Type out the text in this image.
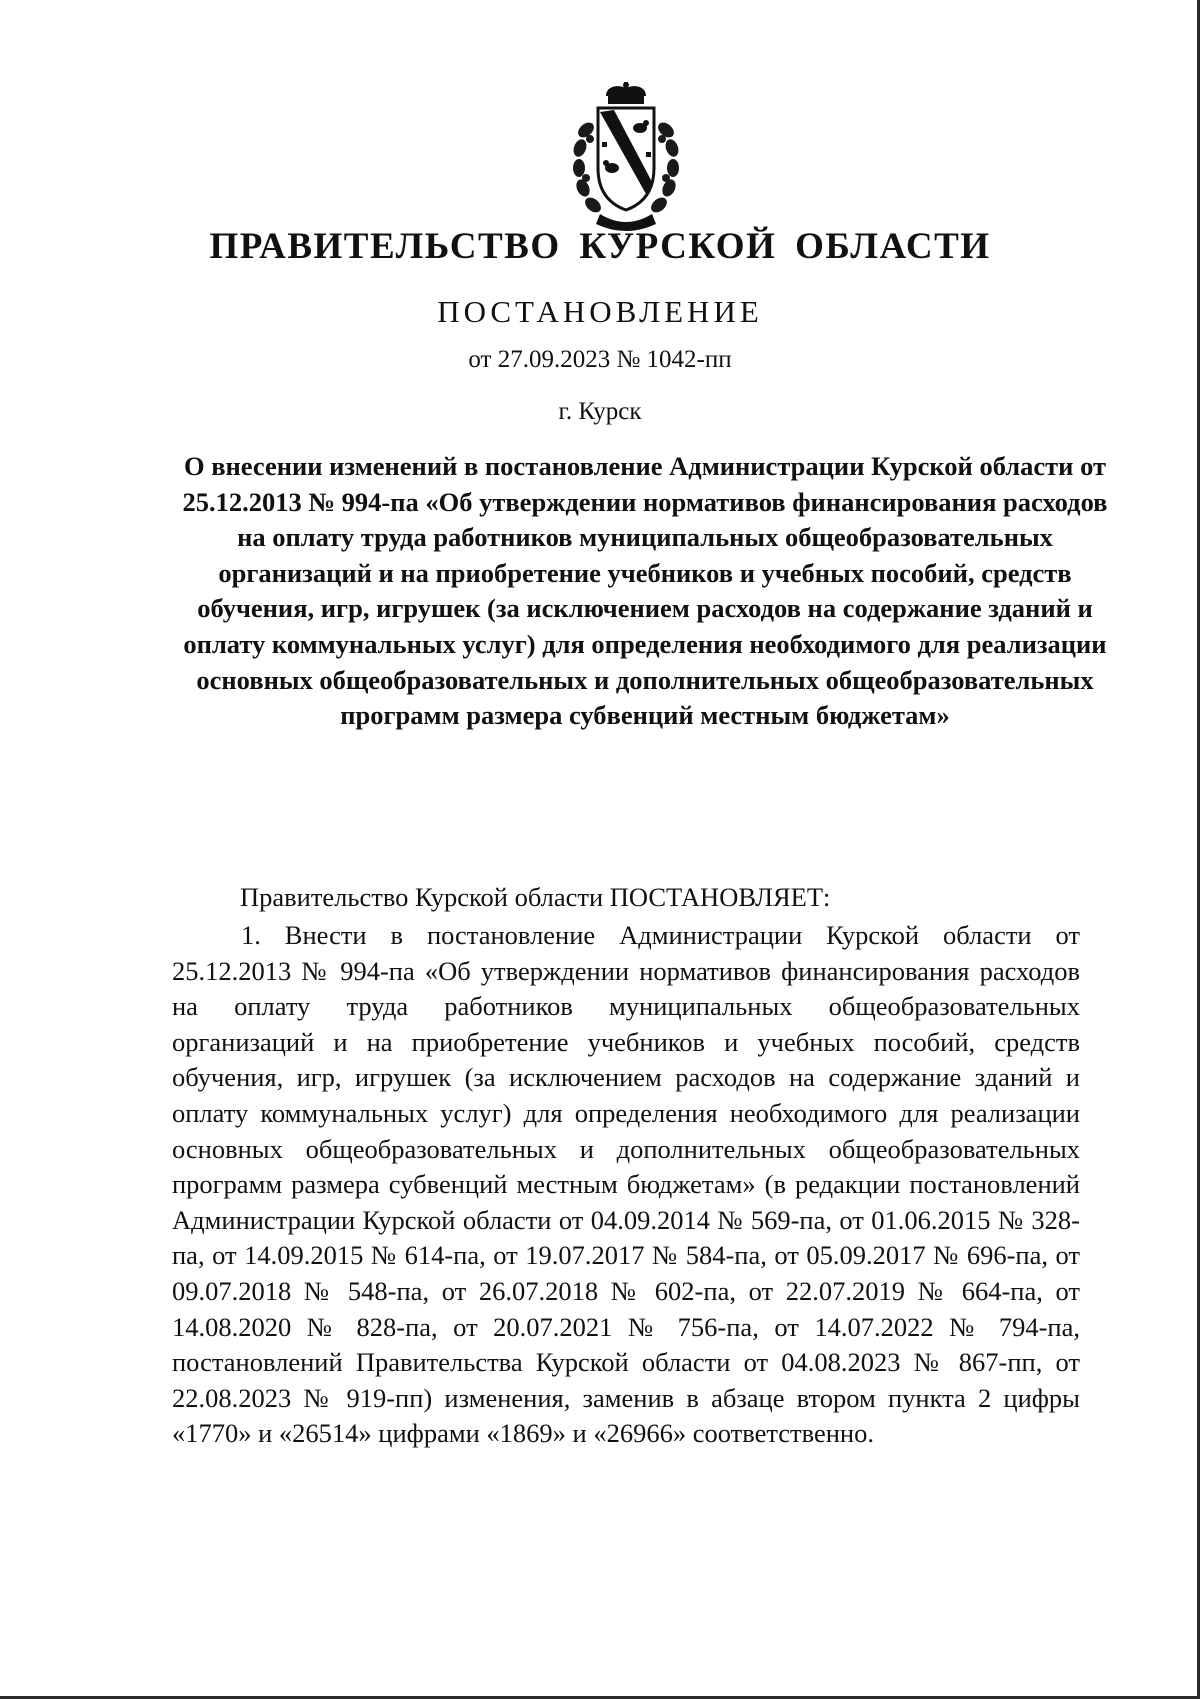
ПРАВИТЕЛЬСТВО КУРСКОЙ ОБЛАСТИ
ПОСТАНОВЛЕНИЕ
от 27.09.2023 № 1042-пп
г. Курск
О внесении изменений в постановление Администрации Курской области от 25.12.2013 № 994-па «Об утверждении нормативов финансирования расходов на оплату труда работников муниципальных общеобразовательных организаций и на приобретение учебников и учебных пособий, средств обучения, игр, игрушек (за исключением расходов на содержание зданий и оплату коммунальных услуг) для определения необходимого для реализации основных общеобразовательных и дополнительных общеобразовательных программ размера субвенций местным бюджетам»
Правительство Курской области ПОСТАНОВЛЯЕТ:
1. Внести в постановление Администрации Курской области от 25.12.2013 № 994-па «Об утверждении нормативов финансирования расходов на оплату труда работников муниципальных общеобразовательных организаций и на приобретение учебников и учебных пособий, средств обучения, игр, игрушек (за исключением расходов на содержание зданий и оплату коммунальных услуг) для определения необходимого для реализации основных общеобразовательных и дополнительных общеобразовательных программ размера субвенций местным бюджетам» (в редакции постановлений Администрации Курской области от 04.09.2014 № 569-па, от 01.06.2015 № 328-па, от 14.09.2015 № 614-па, от 19.07.2017 № 584-па, от 05.09.2017 № 696-па, от 09.07.2018 № 548-па, от 26.07.2018 № 602-па, от 22.07.2019 № 664-па, от 14.08.2020 № 828-па, от 20.07.2021 № 756-па, от 14.07.2022 № 794-па, постановлений Правительства Курской области от 04.08.2023 № 867-пп, от 22.08.2023 № 919-пп) изменения, заменив в абзаце втором пункта 2 цифры «1770» и «26514» цифрами «1869» и «26966» соответственно.
